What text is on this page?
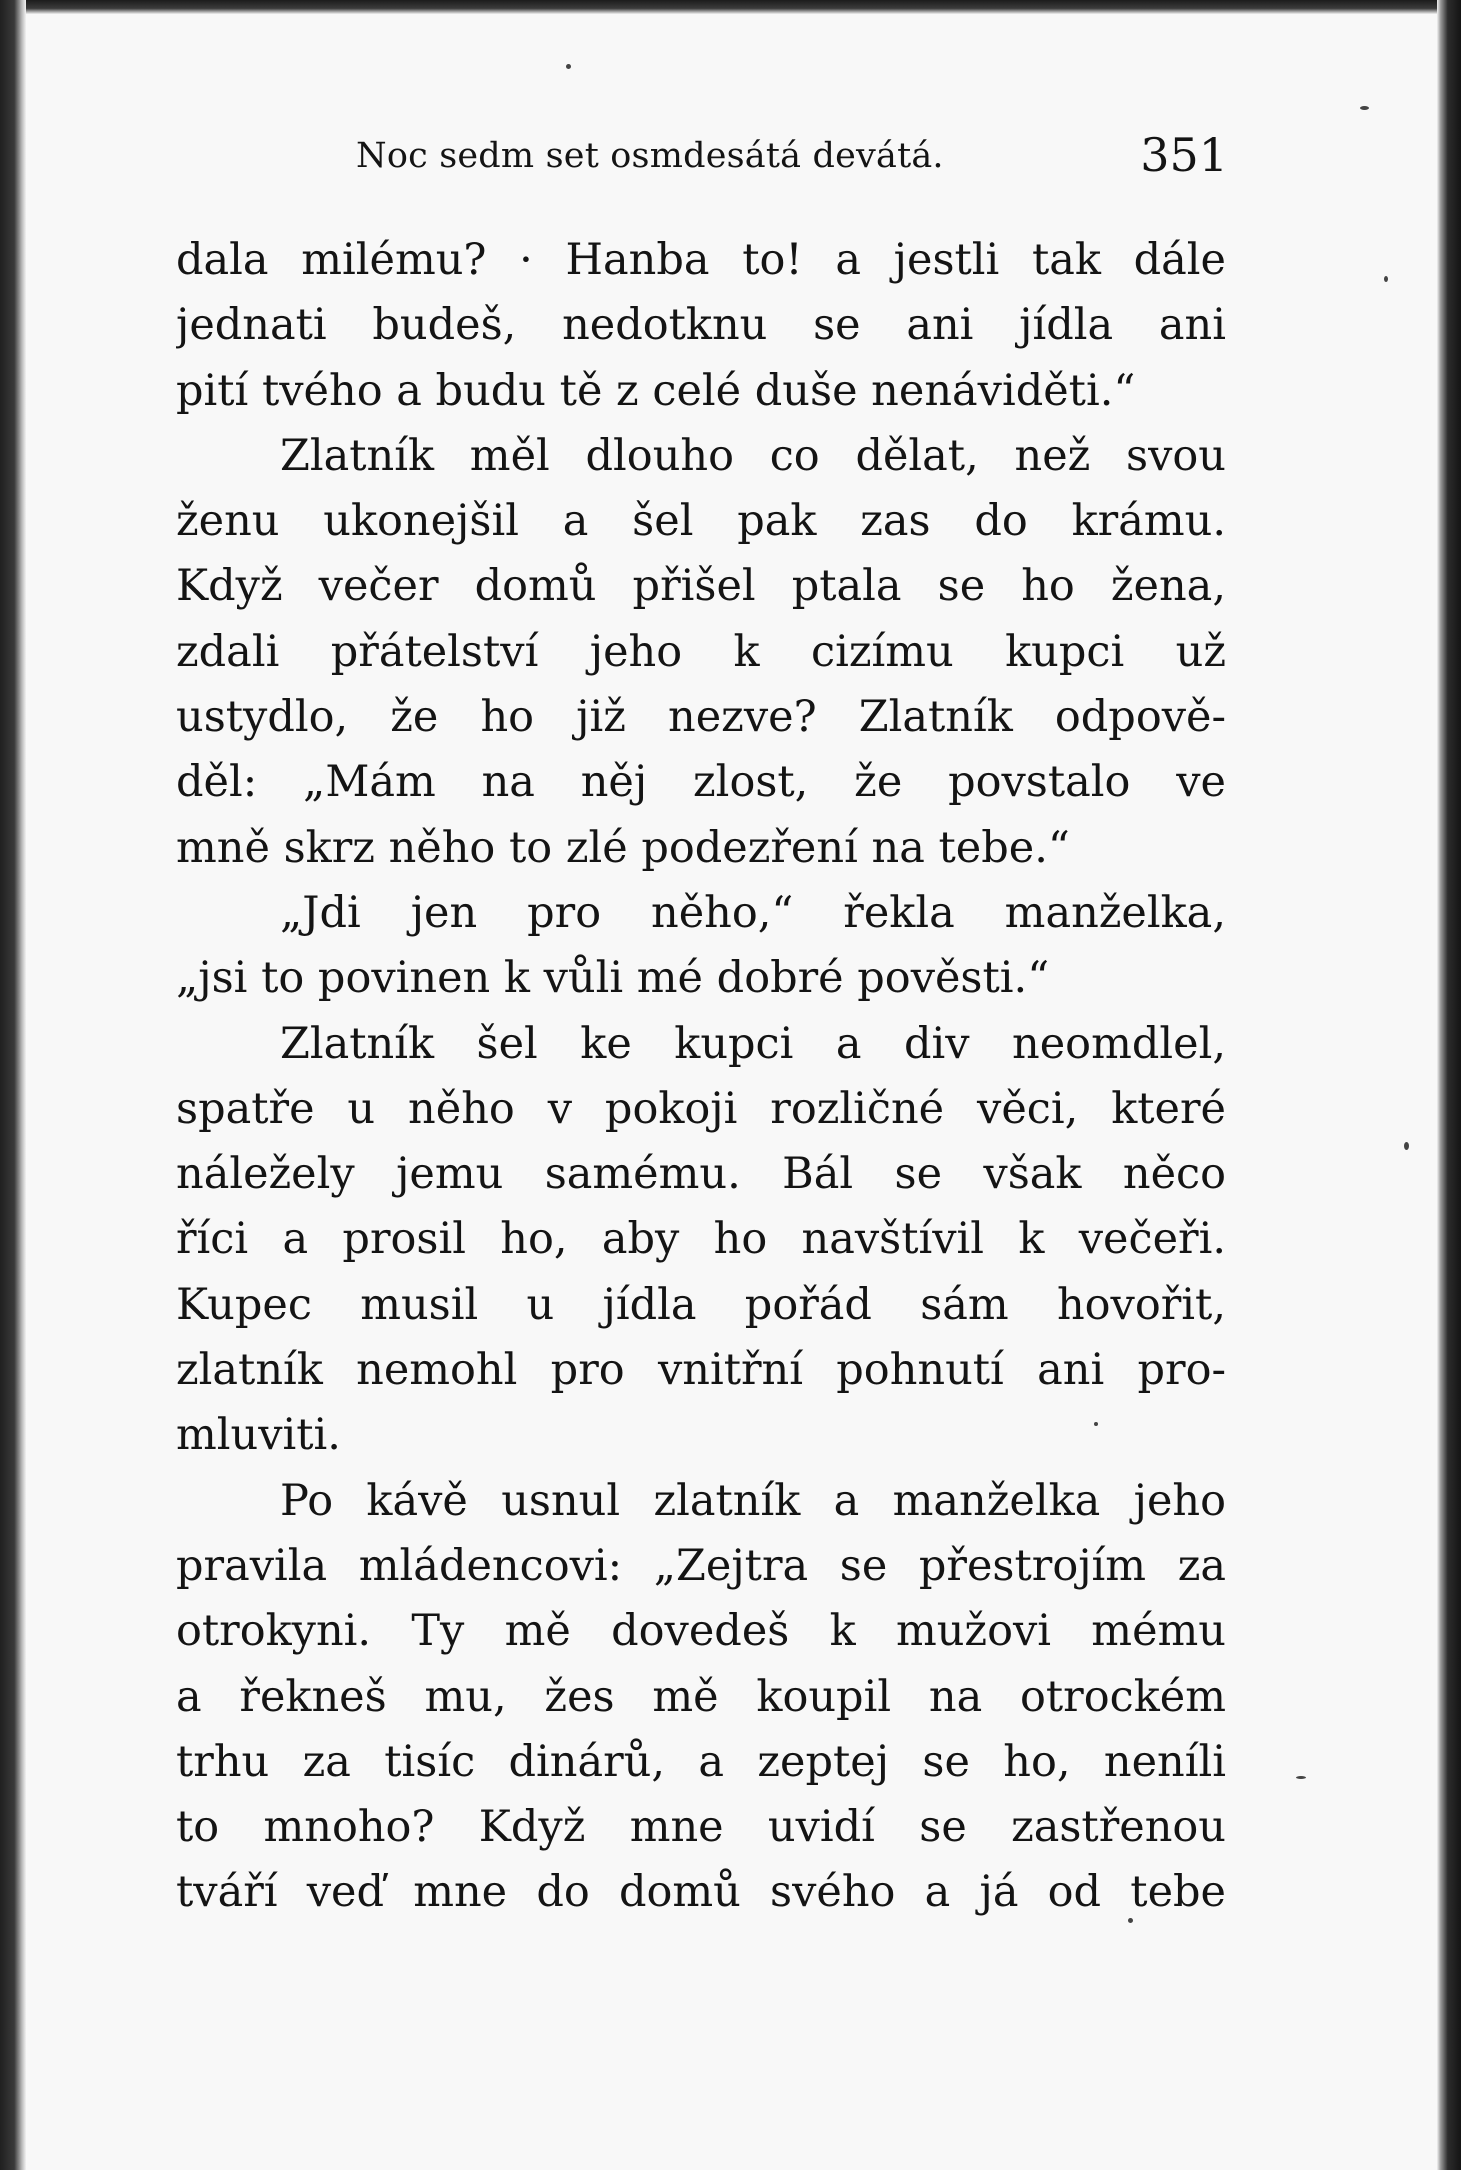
Noc sedm set osmdesátá devátá.	351
dala milému? · Hanba to! a jestli tak dále
jednati budeš, nedotknu se ani jídla ani
pití tvého a budu tě z celé duše nenáviděti.“
Zlatník měl dlouho co dělat, než svou
ženu ukonejšil a šel pak zas do krámu.
Když večer domů přišel ptala se ho žena,
zdali přátelství jeho k cizímu kupci už
ustydlo, že ho již nezve? Zlatník odpově-
děl: „Mám na něj zlost, že povstalo ve
mně skrz něho to zlé podezření na tebe.“
„Jdi jen pro něho,“ řekla manželka,
„jsi to povinen k vůli mé dobré pověsti.“
Zlatník šel ke kupci a div neomdlel,
spatře u něho v pokoji rozličné věci, které
náležely jemu samému. Bál se však něco
říci a prosil ho, aby ho navštívil k večeři.
Kupec musil u jídla pořád sám hovořit,
zlatník nemohl pro vnitřní pohnutí ani pro-
mluviti.
Po kávě usnul zlatník a manželka jeho
pravila mládencovi: „Zejtra se přestrojím za
otrokyni. Ty mě dovedeš k mužovi mému
a řekneš mu, žes mě koupil na otrockém
trhu za tisíc dinárů, a zeptej se ho, neníli
to mnoho? Když mne uvidí se zastřenou
tváří veď mne do domů svého a já od tebe
